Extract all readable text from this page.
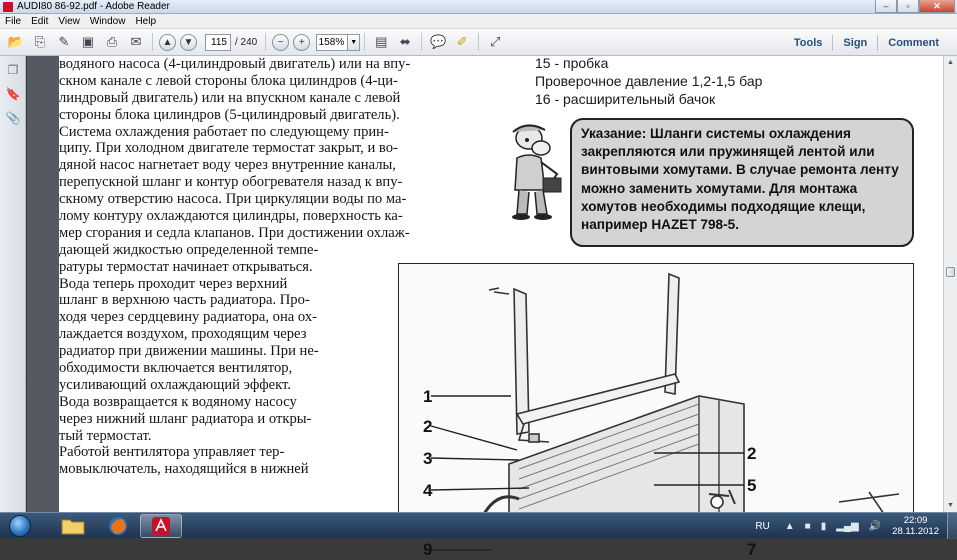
AUDI80 86-92.pdf - Adobe Reader	–	▫	✕
File	Edit	View	Window	Help
📂 ⎘	✎ ▣ ⎙	✉	▲	▼	115 / 240	−	+	158% ▼ ▤ ⬌	💬 ✐	⤢	Tools	Sign	Comment
❐
🔖
📎
водяного насоса (4-цилиндровый двигатель) или на впу-
скном канале с левой стороны блока цилиндров (4-ци-
линдровый двигатель) или на впускном канале с левой
стороны блока цилиндров (5-цилиндровый двигатель).
Система охлаждения работает по следующему прин-
ципу. При холодном двигателе термостат закрыт, и во-
дяной насос нагнетает воду через внутренние каналы,
перепускной шланг и контур обогревателя назад к впу-
скному отверстию насоса. При циркуляции воды по ма-
лому контуру охлаждаются цилиндры, поверхность ка-
мер сгорания и седла клапанов. При достижении охлаж-
дающей жидкостью определенной темпе-
ратуры термостат начинает открываться.
Вода теперь проходит через верхний
шланг в верхнюю часть радиатора. Про-
ходя через сердцевину радиатора, она ох-
лаждается воздухом, проходящим через
радиатор при движении машины. При не-
обходимости включается вентилятор,
усиливающий охлаждающий эффект.
Вода возвращается к водяному насосу
через нижний шланг радиатора и откры-
тый термостат.
Работой вентилятора управляет тер-
мовыключатель, находящийся в нижней
15 - пробка
Проверочное давление 1,2-1,5 бар
16 - расширительный бачок
Указание: Шланги системы охлаждения закрепляются или пружинящей лентой или винтовыми хомутами. В случае ремонта ленту можно заменить хомутами. Для монтажа хомутов необходимы подходящие клещи, например HAZET 798-5.
1
2
3
4
9
2
5
7
▲
▼
RU ▲ ■ ▮ ▂▄▆ 🔊	22:09
28.11.2012
